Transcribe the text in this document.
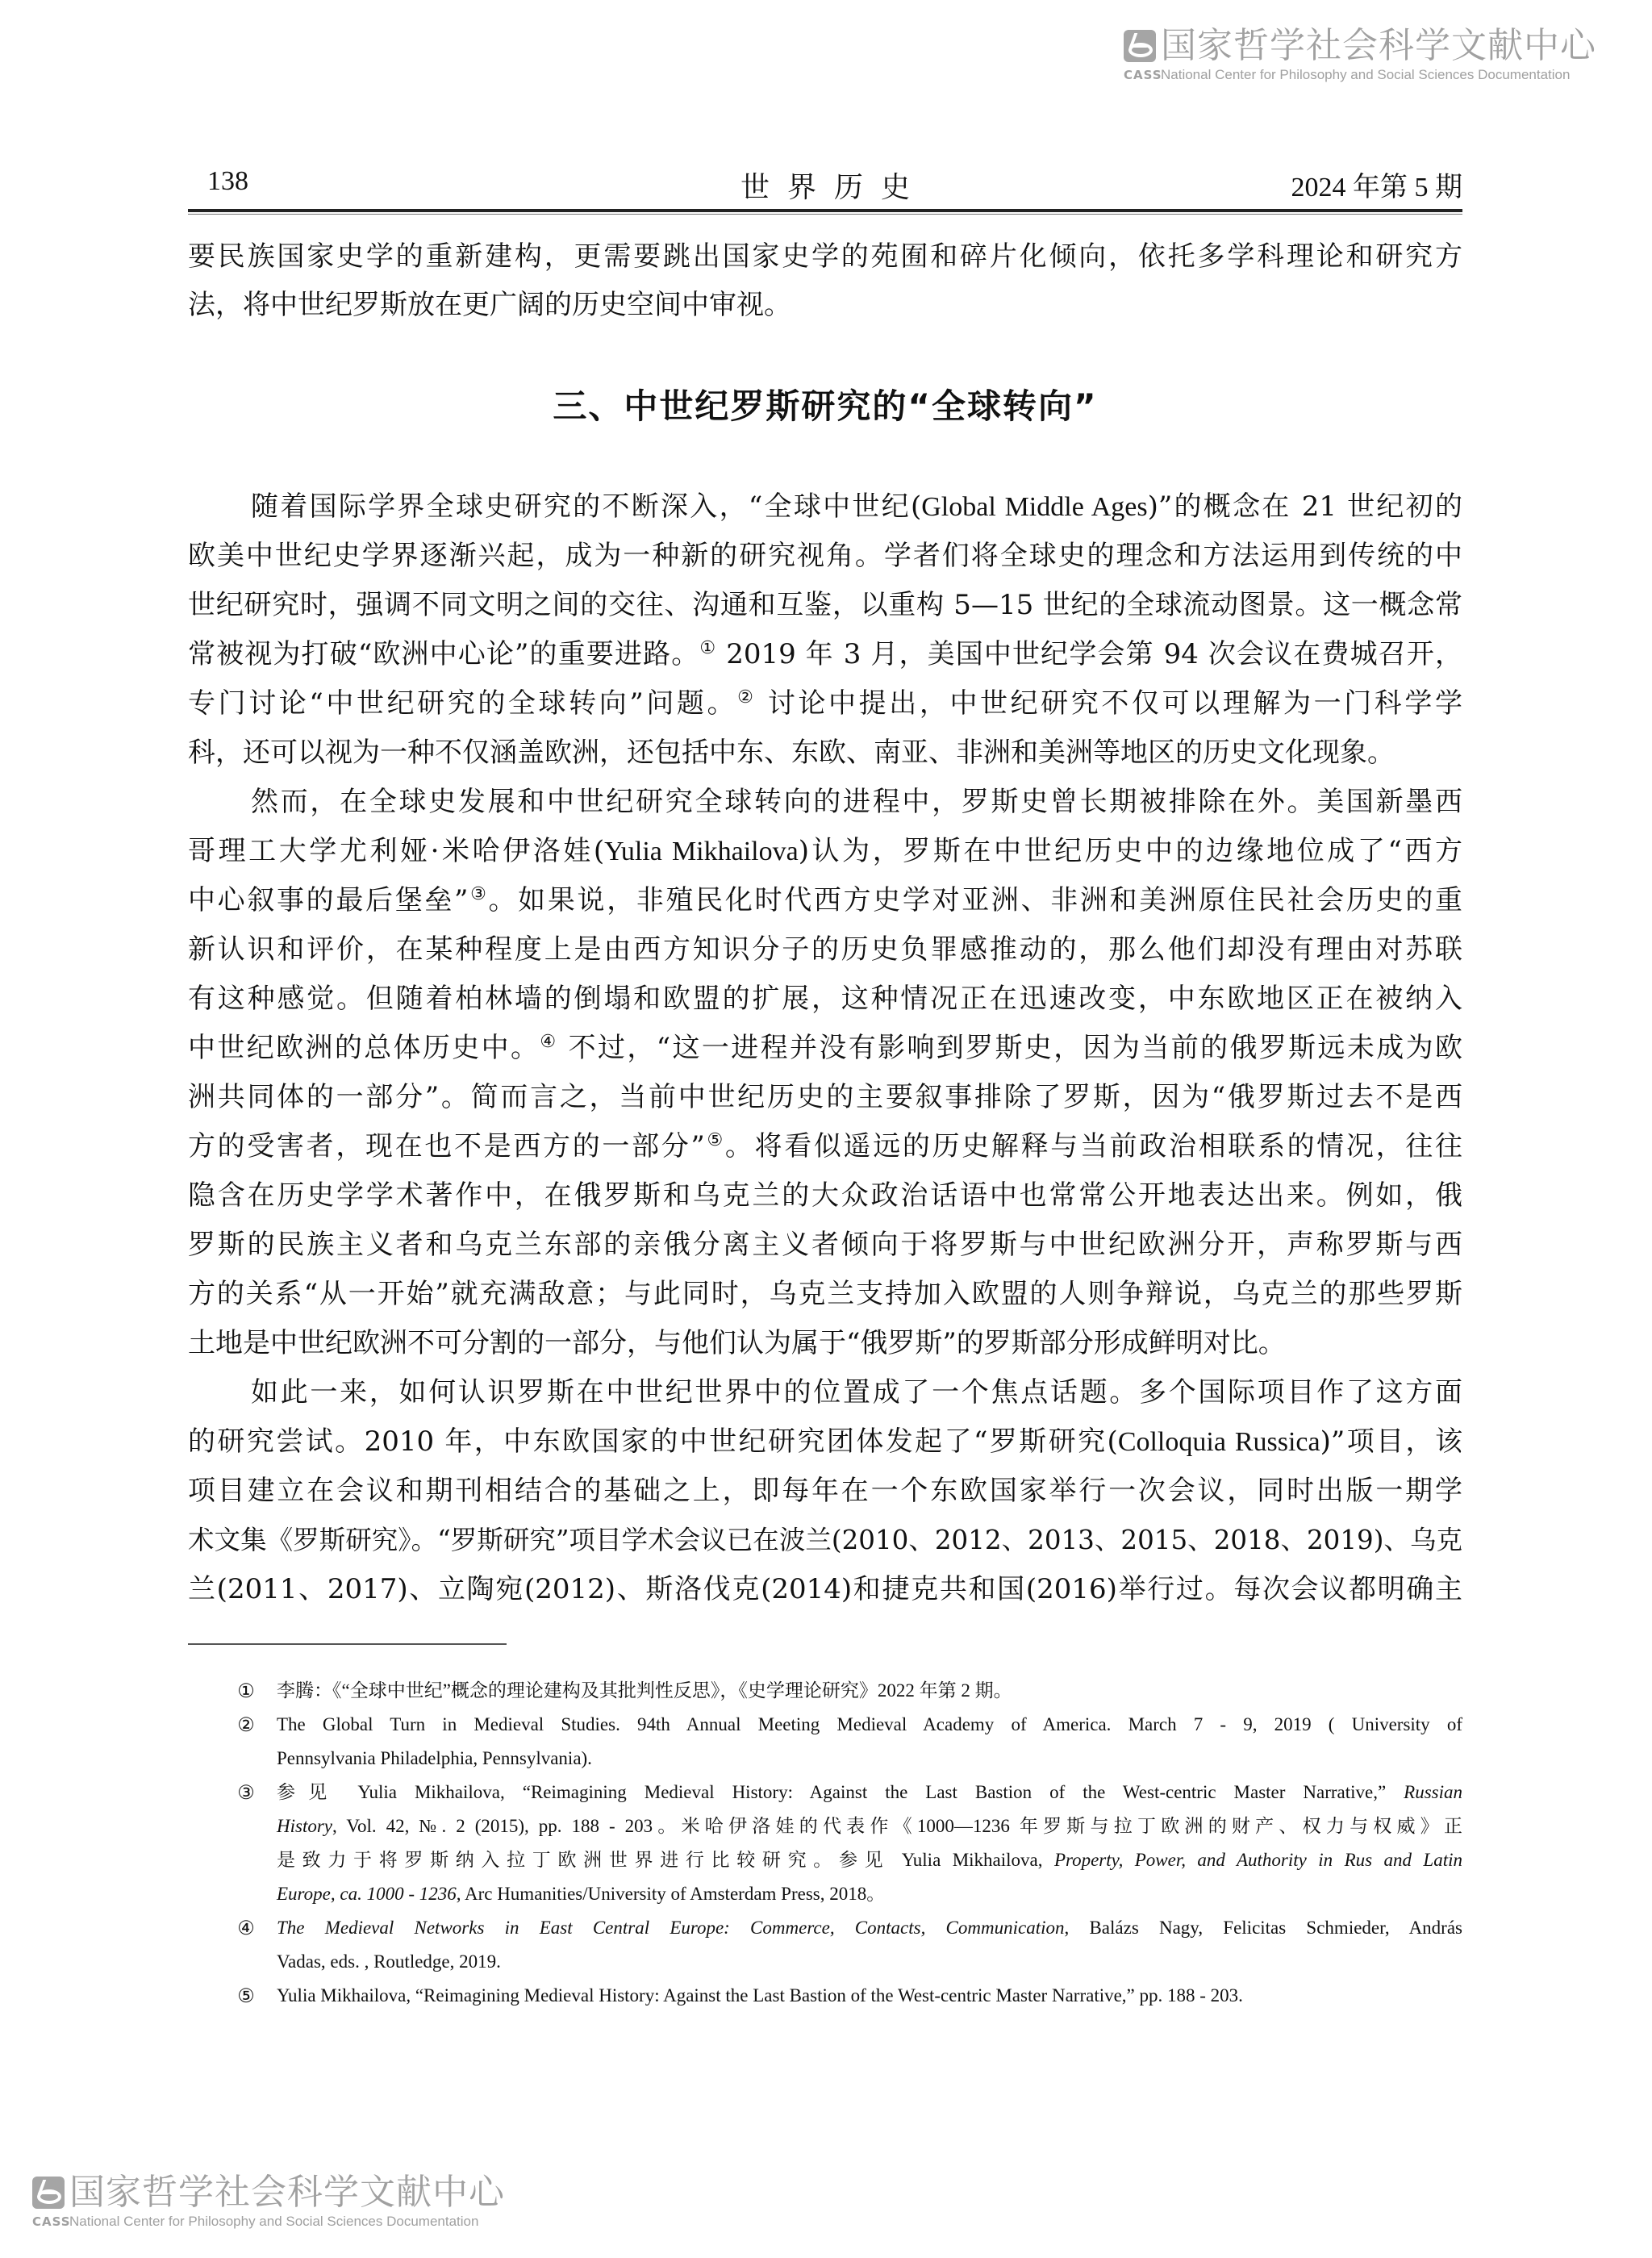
国家哲学社会科学文献中心
CASS
National Center for Philosophy and Social Sciences Documentation
138	世界历史	2024 年第 5 期
要民族国家史学的重新建构，更需要跳出国家史学的苑囿和碎片化倾向，依托多学科理论和研究方
法，将中世纪罗斯放在更广阔的历史空间中审视。
三、中世纪罗斯研究的“全球转向”
随着国际学界全球史研究的不断深入，“全球中世纪(Global Middle Ages)”的概念在 21 世纪初的
欧美中世纪史学界逐渐兴起，成为一种新的研究视角。学者们将全球史的理念和方法运用到传统的中
世纪研究时，强调不同文明之间的交往、沟通和互鉴，以重构 5—15 世纪的全球流动图景。这一概念常
常被视为打破“欧洲中心论”的重要进路。① 2019 年 3 月，美国中世纪学会第 94 次会议在费城召开，
专门讨论“中世纪研究的全球转向”问题。② 讨论中提出，中世纪研究不仅可以理解为一门科学学
科，还可以视为一种不仅涵盖欧洲，还包括中东、东欧、南亚、非洲和美洲等地区的历史文化现象。
然而，在全球史发展和中世纪研究全球转向的进程中，罗斯史曾长期被排除在外。美国新墨西
哥理工大学尤利娅·米哈伊洛娃(Yulia Mikhailova)认为，罗斯在中世纪历史中的边缘地位成了“西方
中心叙事的最后堡垒”③。如果说，非殖民化时代西方史学对亚洲、非洲和美洲原住民社会历史的重
新认识和评价，在某种程度上是由西方知识分子的历史负罪感推动的，那么他们却没有理由对苏联
有这种感觉。但随着柏林墙的倒塌和欧盟的扩展，这种情况正在迅速改变，中东欧地区正在被纳入
中世纪欧洲的总体历史中。④ 不过，“这一进程并没有影响到罗斯史，因为当前的俄罗斯远未成为欧
洲共同体的一部分”。简而言之，当前中世纪历史的主要叙事排除了罗斯，因为“俄罗斯过去不是西
方的受害者，现在也不是西方的一部分”⑤。将看似遥远的历史解释与当前政治相联系的情况，往往
隐含在历史学学术著作中，在俄罗斯和乌克兰的大众政治话语中也常常公开地表达出来。例如，俄
罗斯的民族主义者和乌克兰东部的亲俄分离主义者倾向于将罗斯与中世纪欧洲分开，声称罗斯与西
方的关系“从一开始”就充满敌意；与此同时，乌克兰支持加入欧盟的人则争辩说，乌克兰的那些罗斯
土地是中世纪欧洲不可分割的一部分，与他们认为属于“俄罗斯”的罗斯部分形成鲜明对比。
如此一来，如何认识罗斯在中世纪世界中的位置成了一个焦点话题。多个国际项目作了这方面
的研究尝试。2010 年，中东欧国家的中世纪研究团体发起了“罗斯研究(Colloquia Russica)”项目，该
项目建立在会议和期刊相结合的基础之上，即每年在一个东欧国家举行一次会议，同时出版一期学
术文集《罗斯研究》。“罗斯研究”项目学术会议已在波兰(2010、2012、2013、2015、2018、2019)、乌克
兰(2011、2017)、立陶宛(2012)、斯洛伐克(2014)和捷克共和国(2016)举行过。每次会议都明确主
① 李腾：《“全球中世纪”概念的理论建构及其批判性反思》，《史学理论研究》2022 年第 2 期。
② The Global Turn in Medieval Studies. 94th Annual Meeting Medieval Academy of America. March 7 - 9, 2019 ( University of
Pennsylvania Philadelphia, Pennsylvania).
③ 参见 Yulia Mikhailova, “Reimagining Medieval History: Against the Last Bastion of the West-centric Master Narrative,” Russian
History, Vol. 42, №. 2 (2015), pp. 188 - 203。米哈伊洛娃的代表作《1000—1236 年罗斯与拉丁欧洲的财产、权力与权威》正
是致力于将罗斯纳入拉丁欧洲世界进行比较研究。参见 Yulia Mikhailova, Property, Power, and Authority in Rus and Latin
Europe, ca. 1000 - 1236, Arc Humanities/University of Amsterdam Press, 2018。
④ The Medieval Networks in East Central Europe: Commerce, Contacts, Communication, Balázs Nagy, Felicitas Schmieder, András
Vadas, eds. , Routledge, 2019.
⑤ Yulia Mikhailova, “Reimagining Medieval History: Against the Last Bastion of the West-centric Master Narrative,” pp. 188 - 203.
国家哲学社会科学文献中心
CASS
National Center for Philosophy and Social Sciences Documentation
